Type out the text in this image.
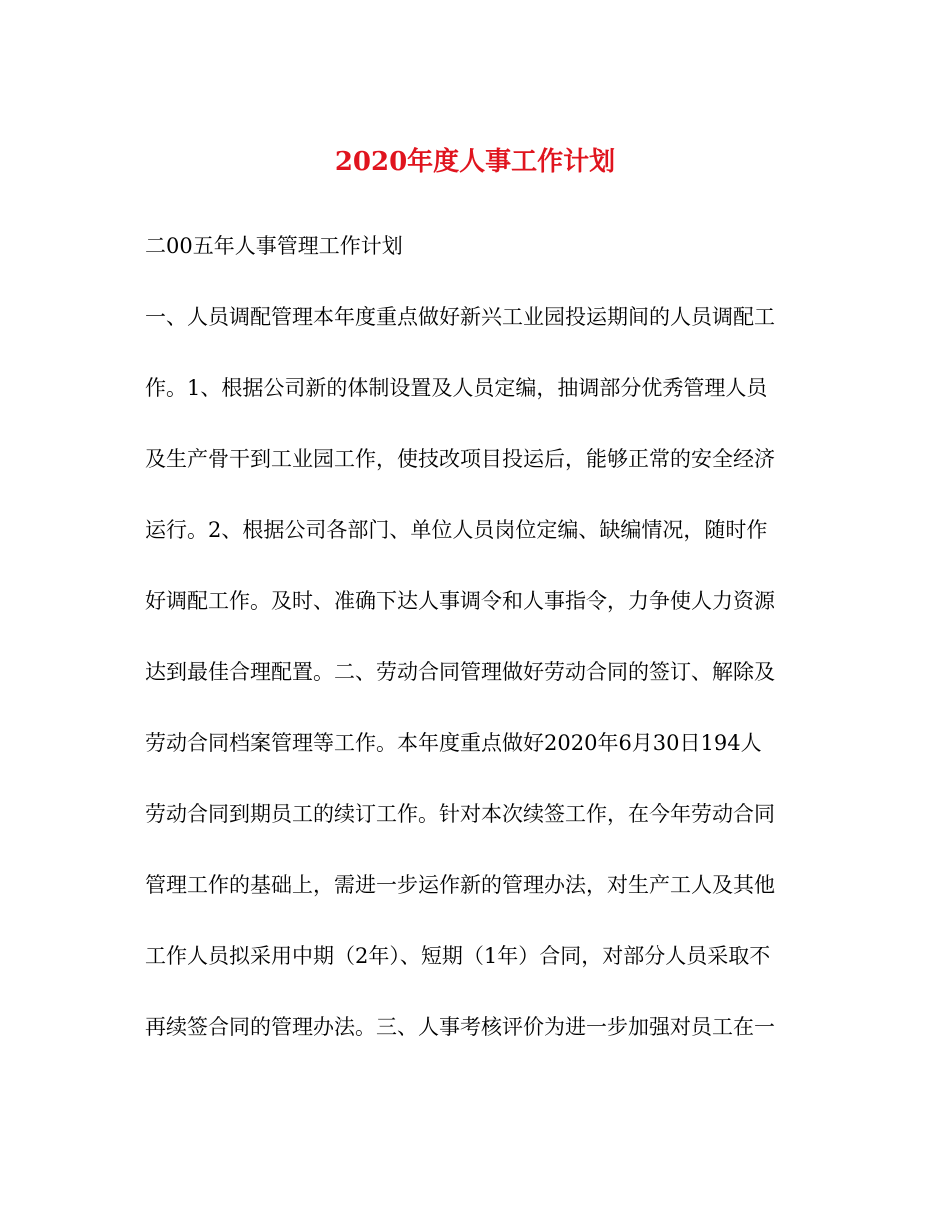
2020年度人事工作计划
二00五年人事管理工作计划
一、人员调配管理本年度重点做好新兴工业园投运期间的人员调配工
作。1、根据公司新的体制设置及人员定编，抽调部分优秀管理人员
及生产骨干到工业园工作，使技改项目投运后，能够正常的安全经济
运行。2、根据公司各部门、单位人员岗位定编、缺编情况，随时作
好调配工作。及时、准确下达人事调令和人事指令，力争使人力资源
达到最佳合理配置。二、劳动合同管理做好劳动合同的签订、解除及
劳动合同档案管理等工作。本年度重点做好2020年6月30日194人
劳动合同到期员工的续订工作。针对本次续签工作，在今年劳动合同
管理工作的基础上，需进一步运作新的管理办法，对生产工人及其他
工作人员拟采用中期（2年）、短期（1年）合同，对部分人员采取不
再续签合同的管理办法。三、人事考核评价为进一步加强对员工在一
